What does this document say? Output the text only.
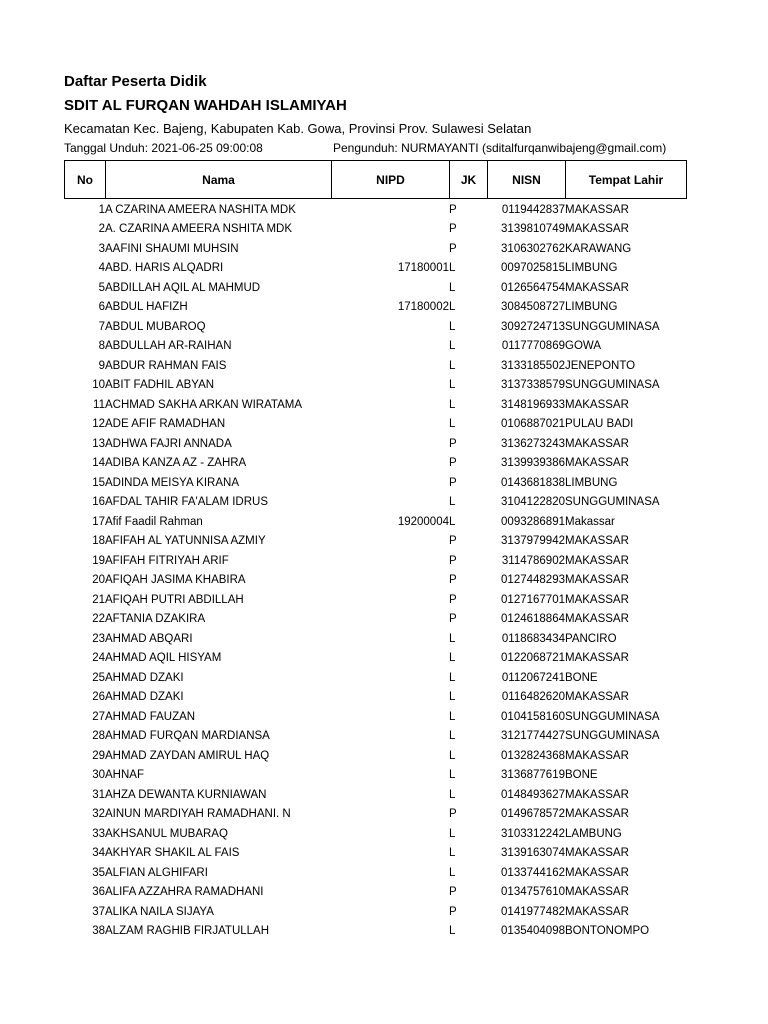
Daftar Peserta Didik
SDIT AL FURQAN WAHDAH ISLAMIYAH
Kecamatan Kec. Bajeng, Kabupaten Kab. Gowa, Provinsi Prov. Sulawesi Selatan
Tanggal Unduh: 2021-06-25 09:00:08	Pengunduh: NURMAYANTI (sditalfurqanwibajeng@gmail.com)
No	Nama	NIPD	JK	NISN	Tempat Lahir
1	A CZARINA AMEERA NASHITA MDK		P	0119442837	MAKASSAR
2	A. CZARINA AMEERA NSHITA MDK		P	3139810749	MAKASSAR
3	AAFINI SHAUMI MUHSIN		P	3106302762	KARAWANG
4	ABD. HARIS ALQADRI	17180001	L	0097025815	LIMBUNG
5	ABDILLAH AQIL AL MAHMUD		L	0126564754	MAKASSAR
6	ABDUL HAFIZH	17180002	L	3084508727	LIMBUNG
7	ABDUL MUBAROQ		L	3092724713	SUNGGUMINASA
8	ABDULLAH AR-RAIHAN		L	0117770869	GOWA
9	ABDUR RAHMAN FAIS		L	3133185502	JENEPONTO
10	ABIT FADHIL ABYAN		L	3137338579	SUNGGUMINASA
11	ACHMAD SAKHA ARKAN WIRATAMA		L	3148196933	MAKASSAR
12	ADE AFIF RAMADHAN		L	0106887021	PULAU BADI
13	ADHWA FAJRI ANNADA		P	3136273243	MAKASSAR
14	ADIBA KANZA AZ - ZAHRA		P	3139939386	MAKASSAR
15	ADINDA MEISYA KIRANA		P	0143681838	LIMBUNG
16	AFDAL TAHIR FA'ALAM IDRUS		L	3104122820	SUNGGUMINASA
17	Afif Faadil Rahman	19200004	L	0093286891	Makassar
18	AFIFAH AL YATUNNISA AZMIY		P	3137979942	MAKASSAR
19	AFIFAH FITRIYAH ARIF		P	3114786902	MAKASSAR
20	AFIQAH JASIMA KHABIRA		P	0127448293	MAKASSAR
21	AFIQAH PUTRI ABDILLAH		P	0127167701	MAKASSAR
22	AFTANIA DZAKIRA		P	0124618864	MAKASSAR
23	AHMAD ABQARI		L	0118683434	PANCIRO
24	AHMAD AQIL HISYAM		L	0122068721	MAKASSAR
25	AHMAD DZAKI		L	0112067241	BONE
26	AHMAD DZAKI		L	0116482620	MAKASSAR
27	AHMAD FAUZAN		L	0104158160	SUNGGUMINASA
28	AHMAD FURQAN MARDIANSA		L	3121774427	SUNGGUMINASA
29	AHMAD ZAYDAN AMIRUL HAQ		L	0132824368	MAKASSAR
30	AHNAF		L	3136877619	BONE
31	AHZA DEWANTA KURNIAWAN		L	0148493627	MAKASSAR
32	AINUN MARDIYAH RAMADHANI. N		P	0149678572	MAKASSAR
33	AKHSANUL MUBARAQ		L	3103312242	LAMBUNG
34	AKHYAR SHAKIL AL FAIS		L	3139163074	MAKASSAR
35	ALFIAN ALGHIFARI		L	0133744162	MAKASSAR
36	ALIFA AZZAHRA RAMADHANI		P	0134757610	MAKASSAR
37	ALIKA NAILA SIJAYA		P	0141977482	MAKASSAR
38	ALZAM RAGHIB FIRJATULLAH		L	0135404098	BONTONOMPO
